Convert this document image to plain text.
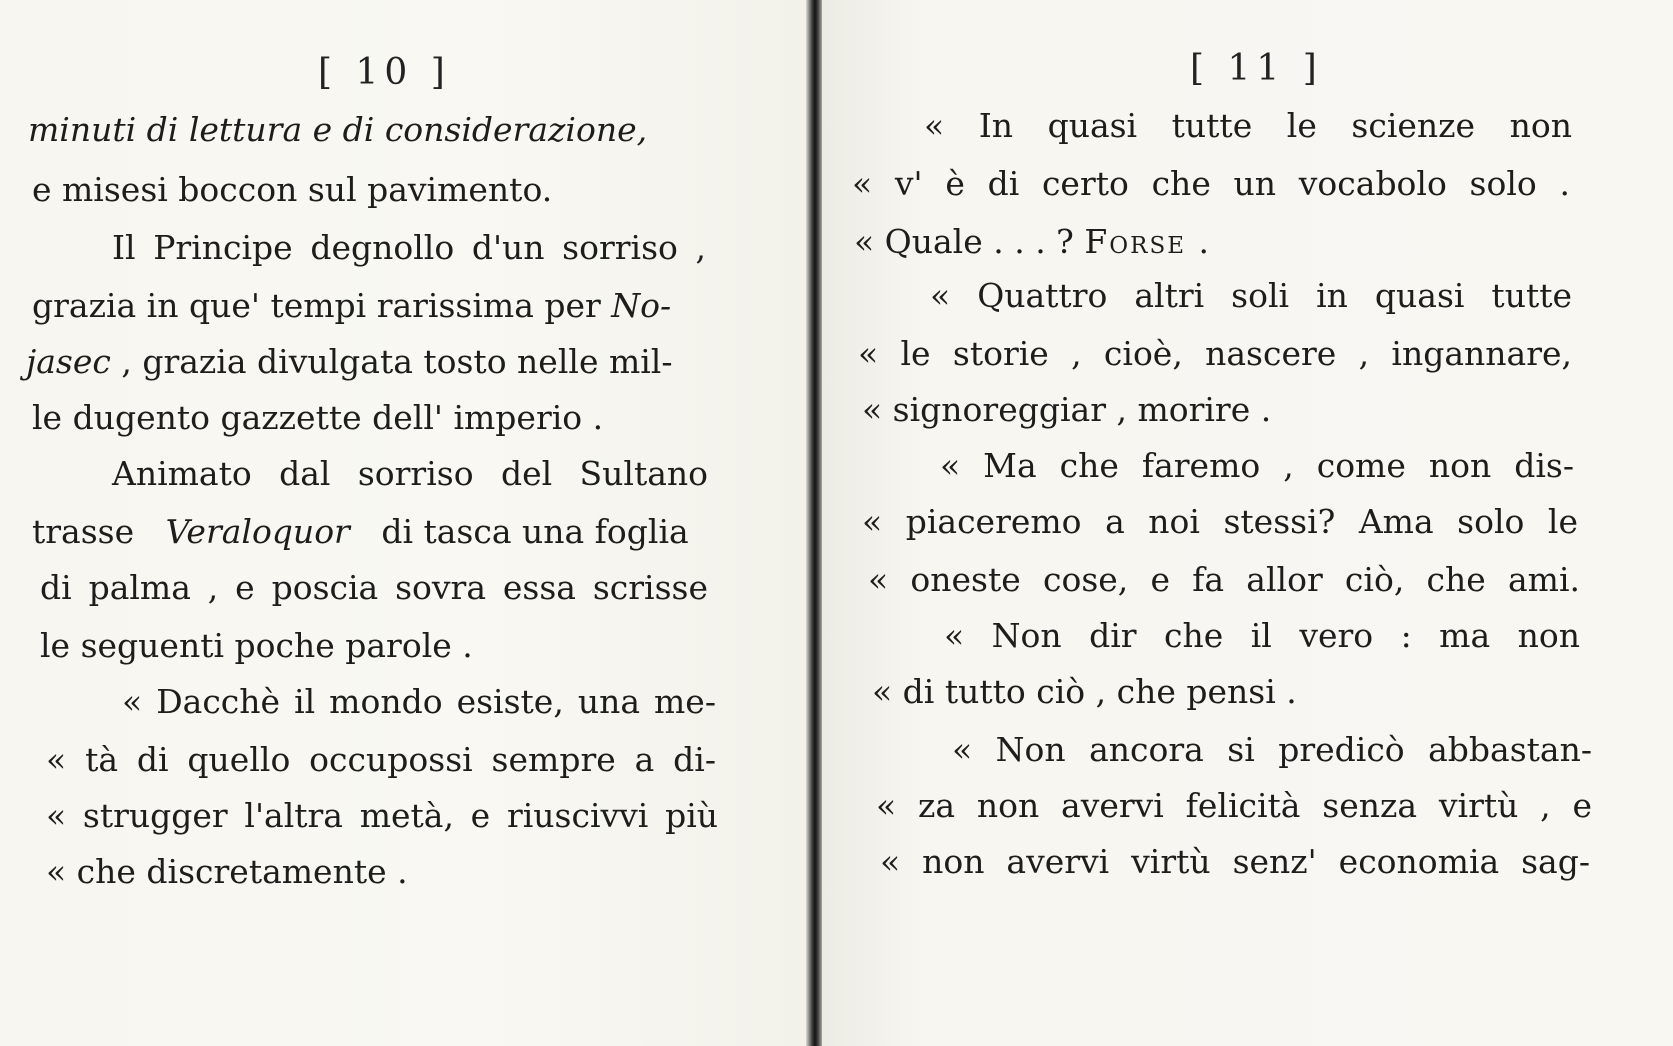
[ 10 ]
minuti di lettura e di considerazione,
e misesi boccon sul pavimento.
Il Principe degnollo d'un sorriso ,
grazia in que' tempi rarissima per No-
jasec , grazia divulgata tosto nelle mil-
le dugento gazzette dell' imperio .
Animato dal sorriso del Sultano
trasse Veraloquor di tasca una foglia
di palma , e poscia sovra essa scrisse
le seguenti poche parole .
« Dacchè il mondo esiste, una me-
« tà di quello occupossi sempre a di-
« strugger l'altra metà, e riuscivvi più
« che discretamente .
[ 11 ]
« In quasi tutte le scienze non
« v' è di certo che un vocabolo solo .
« Quale . . . ? Forse .
« Quattro altri soli in quasi tutte
« le storie , cioè, nascere , ingannare,
« signoreggiar , morire .
« Ma che faremo , come non dis-
« piaceremo a noi stessi? Ama solo le
« oneste cose, e fa allor ciò, che ami.
« Non dir che il vero : ma non
« di tutto ciò , che pensi .
« Non ancora si predicò abbastan-
« za non avervi felicità senza virtù , e
« non avervi virtù senz' economia sag-
